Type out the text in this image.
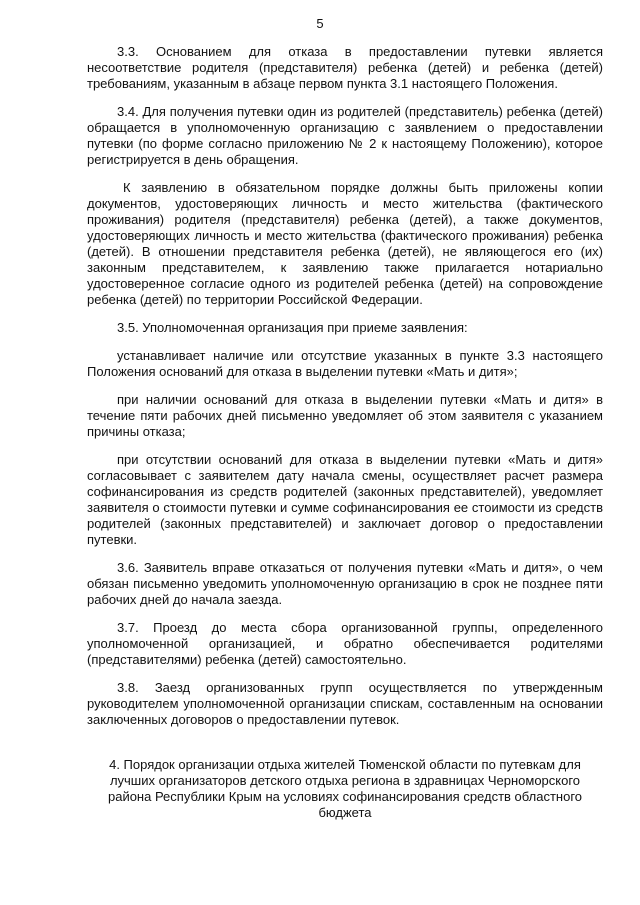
5

3.3. Основанием для отказа в предоставлении путевки является несоответствие родителя (представителя) ребенка (детей) и ребенка (детей) требованиям, указанным в абзаце первом пункта 3.1 настоящего Положения.

3.4. Для получения путевки один из родителей (представитель) ребенка (детей) обращается в уполномоченную организацию с заявлением о предоставлении путевки (по форме согласно приложению № 2 к настоящему Положению), которое регистрируется в день обращения.

К заявлению в обязательном порядке должны быть приложены копии документов, удостоверяющих личность и место жительства (фактического проживания) родителя (представителя) ребенка (детей), а также документов, удостоверяющих личность и место жительства (фактического проживания) ребенка (детей). В отношении представителя ребенка (детей), не являющегося его (их) законным представителем, к заявлению также прилагается нотариально удостоверенное согласие одного из родителей ребенка (детей) на сопровождение ребенка (детей) по территории Российской Федерации.

3.5. Уполномоченная организация при приеме заявления:

устанавливает наличие или отсутствие указанных в пункте 3.3 настоящего Положения оснований для отказа в выделении путевки «Мать и дитя»;

при наличии оснований для отказа в выделении путевки «Мать и дитя» в течение пяти рабочих дней письменно уведомляет об этом заявителя с указанием причины отказа;

при отсутствии оснований для отказа в выделении путевки «Мать и дитя» согласовывает с заявителем дату начала смены, осуществляет расчет размера софинансирования из средств родителей (законных представителей), уведомляет заявителя о стоимости путевки и сумме софинансирования ее стоимости из средств родителей (законных представителей) и заключает договор о предоставлении путевки.

3.6. Заявитель вправе отказаться от получения путевки «Мать и дитя», о чем обязан письменно уведомить уполномоченную организацию в срок не позднее пяти рабочих дней до начала заезда.

3.7. Проезд до места сбора организованной группы, определенного уполномоченной организацией, и обратно обеспечивается родителями (представителями) ребенка (детей) самостоятельно.

3.8. Заезд организованных групп осуществляется по утвержденным руководителем уполномоченной организации спискам, составленным на основании заключенных договоров о предоставлении путевок.

4. Порядок организации отдыха жителей Тюменской области по путевкам для лучших организаторов детского отдыха региона в здравницах Черноморского района Республики Крым на условиях софинансирования средств областного бюджета
